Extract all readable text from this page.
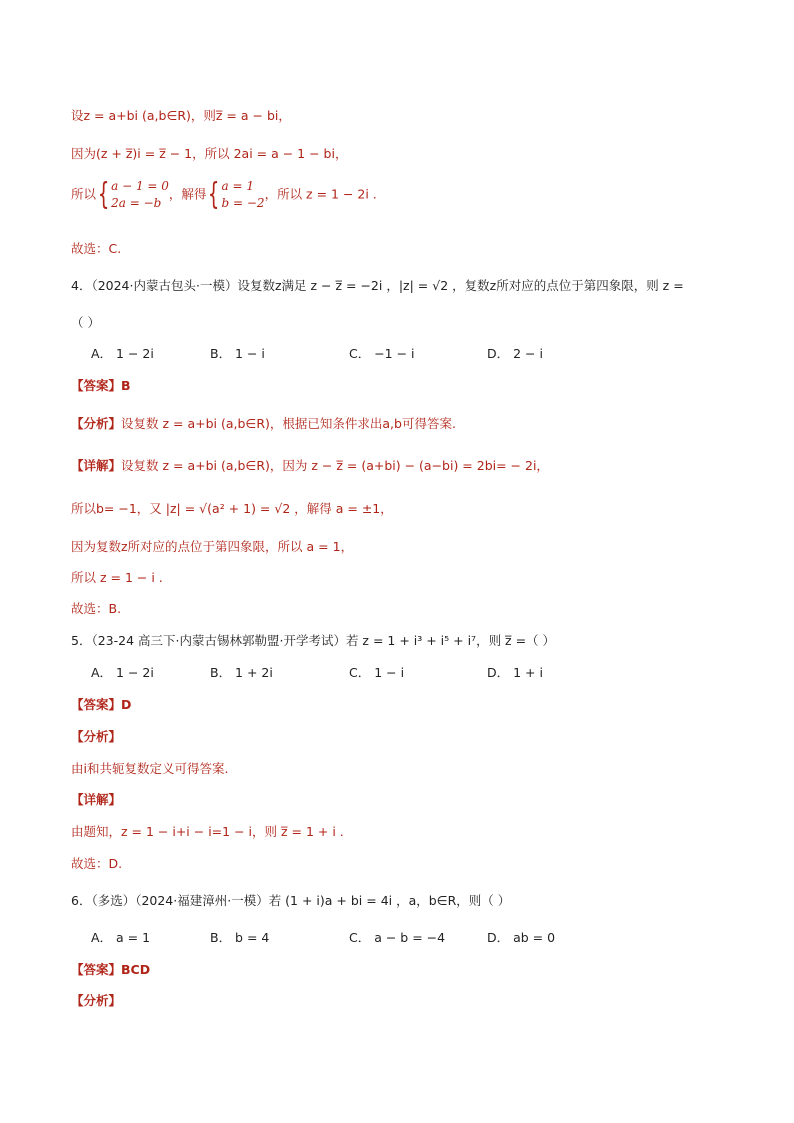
设z = a+bi (a,b∈R)，则z̅ = a − bi，
因为(z + z̅)i = z̅ − 1，所以 2ai = a − 1 − bi，
所以{ a − 1 = 0
2a = −b，解得{ a = 1
b = −2，所以 z = 1 − 2i .
故选：C.
4．（2024·内蒙古包头·一模）设复数z满足 z − z̅ = −2i ，|z| = √2 ，复数z所对应的点位于第四象限，则 z =
（ ）
A． 1 − 2i	B． 1 − i	C． −1 − i	D． 2 − i
【答案】B
【分析】设复数 z = a+bi (a,b∈R)，根据已知条件求出a,b可得答案.
【详解】设复数 z = a+bi (a,b∈R)，因为 z − z̅ = (a+bi) − (a−bi) = 2bi= − 2i，
所以b= −1，又 |z| = √(a² + 1) = √2 ，解得 a = ±1，
因为复数z所对应的点位于第四象限，所以 a = 1，
所以 z = 1 − i .
故选：B.
5．（23-24 高三下·内蒙古锡林郭勒盟·开学考试）若 z = 1 + i³ + i⁵ + i⁷，则 z̅ =（ ）
A． 1 − 2i	B． 1 + 2i	C． 1 − i	D． 1 + i
【答案】D
【分析】
由i和共轭复数定义可得答案.
【详解】
由题知，z = 1 − i+i − i=1 − i，则 z̅ = 1 + i .
故选：D.
6．（多选）（2024·福建漳州·一模）若 (1 + i)a + bi = 4i ，a，b∈R，则（ ）
A． a = 1	B． b = 4	C． a − b = −4	D． ab = 0
【答案】BCD
【分析】
